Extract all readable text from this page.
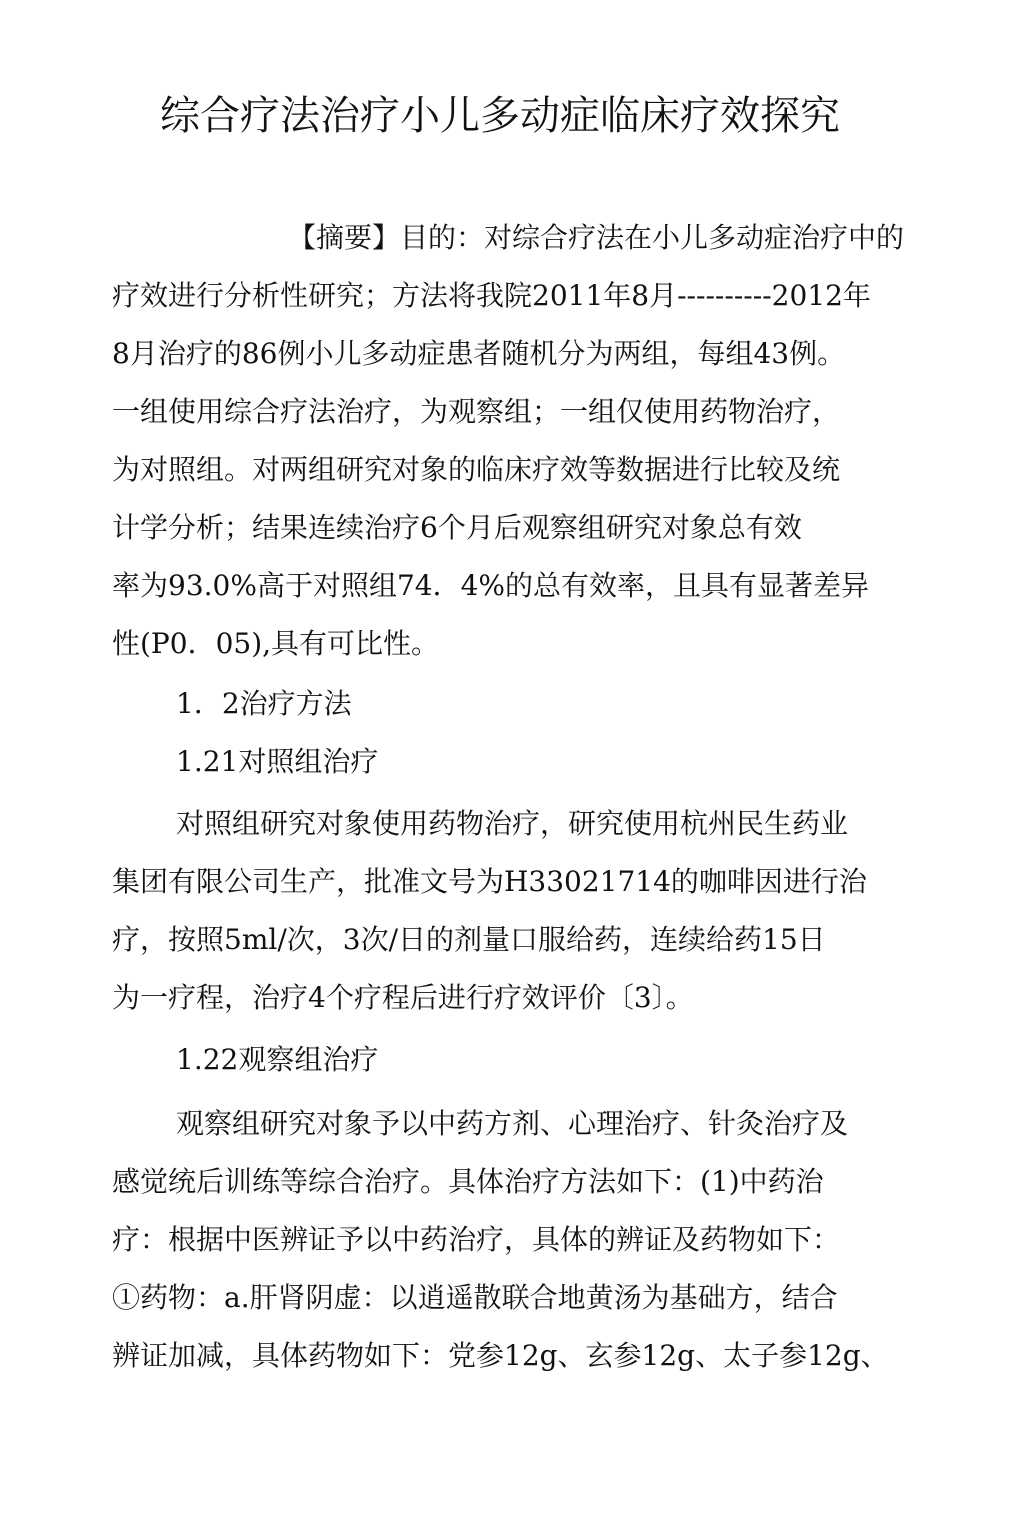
综合疗法治疗小儿多动症临床疗效探究

【摘要】目的：对综合疗法在小儿多动症治疗中的

疗效进行分析性研究；方法将我院2011年8月----------2012年

8月治疗的86例小儿多动症患者随机分为两组，每组43例。

一组使用综合疗法治疗，为观察组；一组仅使用药物治疗，

为对照组。对两组研究对象的临床疗效等数据进行比较及统

计学分析；结果连续治疗6个月后观察组研究对象总有效

率为93.0%高于对照组74．4%的总有效率，且具有显著差异

性(P0．05),具有可比性。

1．2治疗方法

1.21对照组治疗

对照组研究对象使用药物治疗，研究使用杭州民生药业

集团有限公司生产，批准文号为H33021714的咖啡因进行治

疗，按照5ml/次，3次/日的剂量口服给药，连续给药15日

为一疗程，治疗4个疗程后进行疗效评价〔3〕。

1.22观察组治疗

观察组研究对象予以中药方剂、心理治疗、针灸治疗及

感觉统后训练等综合治疗。具体治疗方法如下：(1)中药治

疗：根据中医辨证予以中药治疗，具体的辨证及药物如下：

①药物：a.肝肾阴虚：以逍遥散联合地黄汤为基础方，结合

辨证加减，具体药物如下：党参12g、玄参12g、太子参12g、
